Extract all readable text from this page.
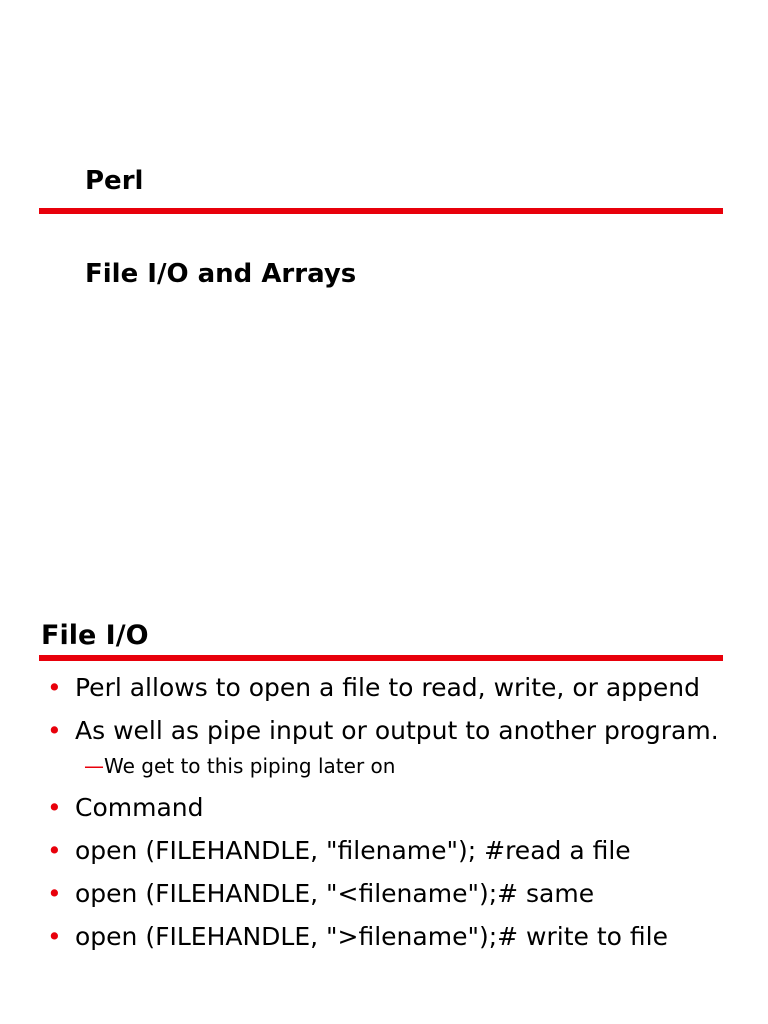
Perl
File I/O and Arrays
File I/O
• Perl allows to open a file to read, write, or append
• As well as pipe input or output to another program.
—We get to this piping later on
• Command
• open (FILEHANDLE, "filename"); #read a file
• open (FILEHANDLE, "<filename");# same
• open (FILEHANDLE, ">filename");# write to file
